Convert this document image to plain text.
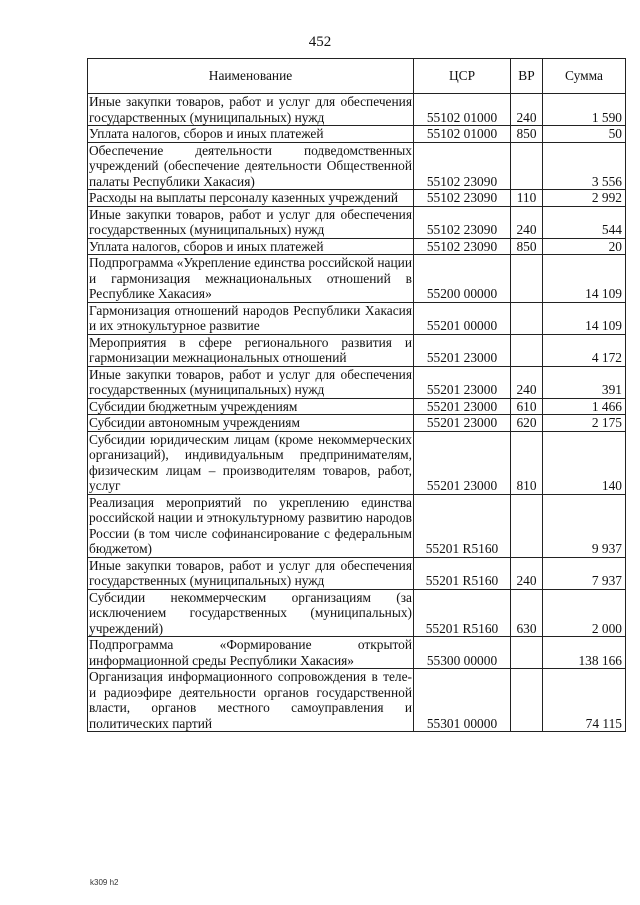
452
Наименование	ЦСР	ВР	Сумма
Иные закупки товаров, работ и услуг для обеспечения государственных (муниципальных) нужд	55102 01000	240	1 590
Уплата налогов, сборов и иных платежей	55102 01000	850	50
Обеспечение деятельности подведомственных учреждений (обеспечение деятельности Общественной палаты Республики Хакасия)	55102 23090		3 556
Расходы на выплаты персоналу казенных учреждений	55102 23090	110	2 992
Иные закупки товаров, работ и услуг для обеспечения государственных (муниципальных) нужд	55102 23090	240	544
Уплата налогов, сборов и иных платежей	55102 23090	850	20
Подпрограмма «Укрепление единства российской нации и гармонизация межнациональных отношений в Республике Хакасия»	55200 00000		14 109
Гармонизация отношений народов Республики Хакасия и их этнокультурное развитие	55201 00000		14 109
Мероприятия в сфере регионального развития и гармонизации межнациональных отношений	55201 23000		4 172
Иные закупки товаров, работ и услуг для обеспечения государственных (муниципальных) нужд	55201 23000	240	391
Субсидии бюджетным учреждениям	55201 23000	610	1 466
Субсидии автономным учреждениям	55201 23000	620	2 175
Субсидии юридическим лицам (кроме некоммерческих организаций), индивидуальным предпринимателям, физическим лицам – производителям товаров, работ, услуг	55201 23000	810	140
Реализация мероприятий по укреплению единства российской нации и этнокультурному развитию народов России (в том числе софинансирование с федеральным бюджетом)	55201 R5160		9 937
Иные закупки товаров, работ и услуг для обеспечения государственных (муниципальных) нужд	55201 R5160	240	7 937
Субсидии некоммерческим организациям (за исключением государственных (муниципальных) учреждений)	55201 R5160	630	2 000
Подпрограмма «Формирование открытой информационной среды Республики Хакасия»	55300 00000		138 166
Организация информационного сопровождения в теле- и радиоэфире деятельности органов государственной власти, органов местного самоуправления и политических партий	55301 00000		74 115
k309 h2
